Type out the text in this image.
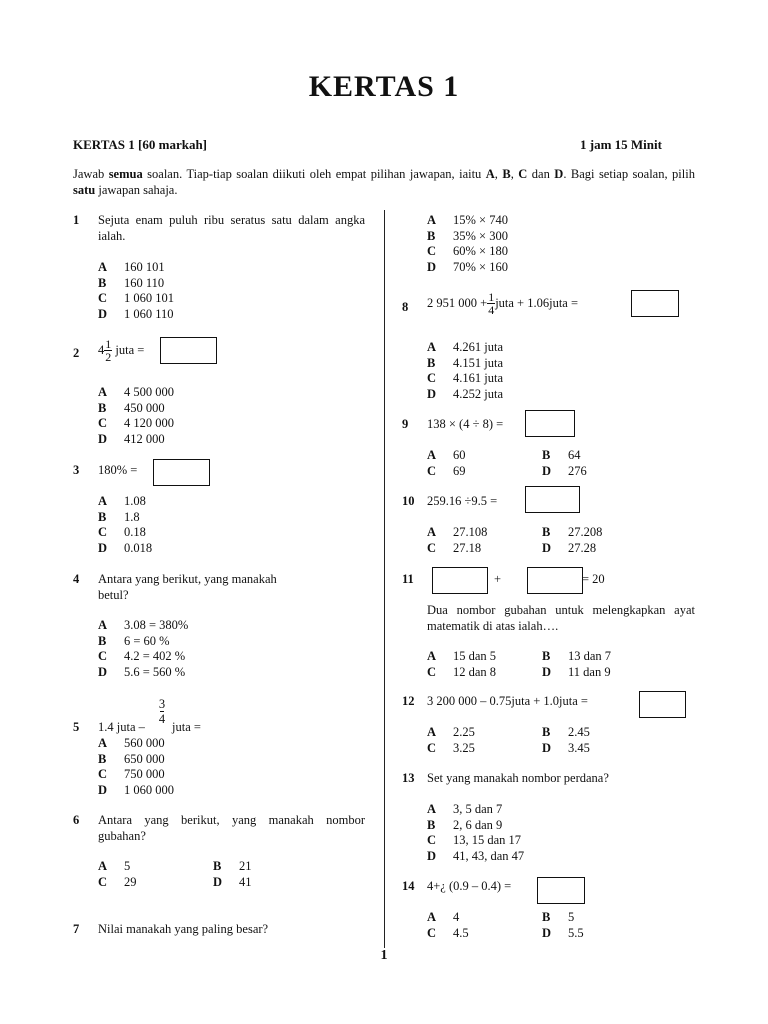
KERTAS 1
KERTAS 1 [60 markah]	1 jam 15 Minit
Jawab semua soalan. Tiap-tiap soalan diikuti oleh empat pilihan jawapan, iaitu A, B, C dan D. Bagi setiap soalan, pilih satu jawapan sahaja.
1 Sejuta enam puluh ribu seratus satu dalam angka ialah.
A	160 101
B	160 110
C	1 060 101
D	1 060 110
2 $4 \frac{1}{2}$ juta =
A	4 500 000
B	450 000
C	4 120 000
D	412 000
3 180% =
A	1.08
B	1.8
C	0.18
D	0.018
4 Antara yang berikut, yang manakah
betul?
A	3.08 = 380%
B	6 = 60 %
C	4.2 = 402 %
D	5.6 = 560 %
5 1.4 juta –
3
4
juta =
A	560 000
B	650 000
C	750 000
D	1 060 000
6 Antara yang berikut, yang manakah nombor gubahan?
A	5	B	21
C	29	D	41
7 Nilai manakah yang paling besar?
A	15% × 740
B	35% × 300
C	60% × 180
D	70% × 160
8 2 951 $000 + \frac{1}{4}$ juta + 1.06juta =
A	4.261 juta
B	4.151 juta
C	4.161 juta
D	4.252 juta
9 138 × (4 ÷ 8) =
A	60	B	64
C	69	D	276
10 259.16 ÷9.5 =
A	27.108	B	27.208
C	27.18	D	27.28
11	+	= 20
Dua nombor gubahan untuk melengkapkan ayat matematik di atas ialah….
A	15 dan 5	B	13 dan 7
C	12 dan 8	D	11 dan 9
12 3 200 000 – 0.75juta + 1.0juta =
A	2.25	B	2.45
C	3.25	D	3.45
13 Set yang manakah nombor perdana?
A	3, 5 dan 7
B	2, 6 dan 9
C	13, 15 dan 17
D	41, 43, dan 47
14 4+¿ (0.9 – 0.4) =
A	4	B	5
C	4.5	D	5.5
1
